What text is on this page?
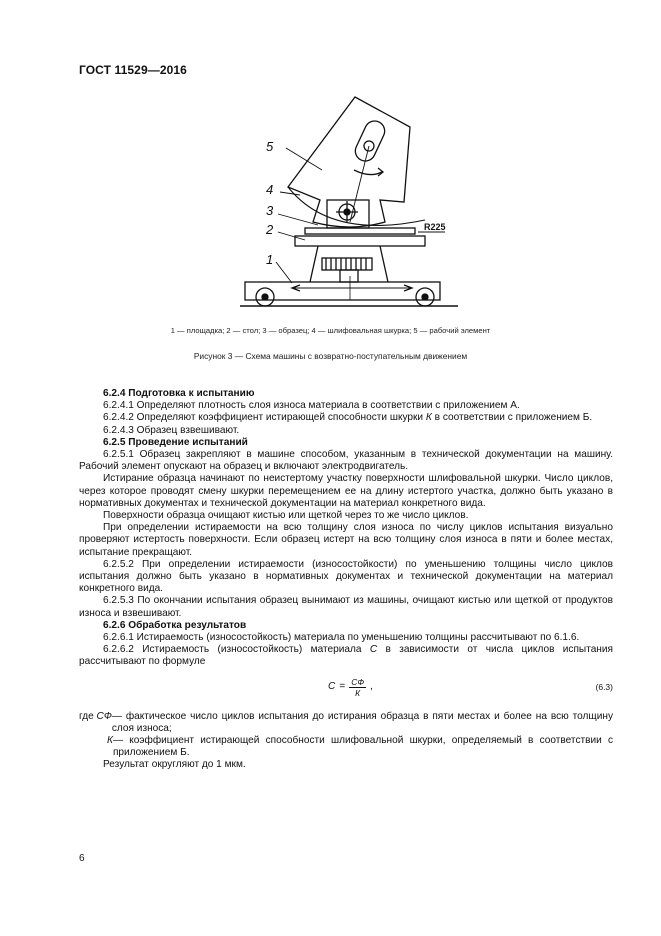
ГОСТ 11529—2016
5
4
3
2
1
R225
1 — площадка; 2 — стол; 3 — образец; 4 — шлифовальная шкурка; 5 — рабочий элемент
Рисунок 3 — Схема машины с возвратно-поступательным движением

6.2.4 Подготовка к испытанию

6.2.4.1 Определяют плотность слоя износа материала в соответствии с приложением А.

6.2.4.2 Определяют коэффициент истирающей способности шкурки К в соответствии с приложением Б.

6.2.4.3 Образец взвешивают.

6.2.5 Проведение испытаний

6.2.5.1 Образец закрепляют в машине способом, указанным в технической документации на машину. Рабочий элемент опускают на образец и включают электродвигатель.

Истирание образца начинают по неистертому участку поверхности шлифовальной шкурки. Число циклов, через которое проводят смену шкурки перемещением ее на длину истертого участка, должно быть указано в нормативных документах и технической документации на материал конкретного вида.

Поверхности образца очищают кистью или щеткой через то же число циклов.

При определении истираемости на всю толщину слоя износа по числу циклов испытания визуально проверяют истертость поверхности. Если образец истерт на всю толщину слоя износа в пяти и более местах, испытание прекращают.

6.2.5.2 При определении истираемости (износостойкости) по уменьшению толщины число циклов испытания должно быть указано в нормативных документах и технической документации на материал конкретного вида.

6.2.5.3 По окончании испытания образец вынимают из машины, очищают кистью или щеткой от продуктов износа и взвешивают.

6.2.6 Обработка результатов

6.2.6.1 Истираемость (износостойкость) материала по уменьшению толщины рассчитывают по 6.1.6.

6.2.6.2 Истираемость (износостойкость) материала С в зависимости от числа циклов испытания рассчитывают по формуле

$С = \frac{СФ}{К}$ ,	(6.3)
где СФ — фактическое число циклов испытания до истирания образца в пяти местах и более на всю толщину слоя износа;
К — коэффициент истирающей способности шлифовальной шкурки, определяемый в соответствии с приложением Б.

Результат округляют до 1 мкм.

6
